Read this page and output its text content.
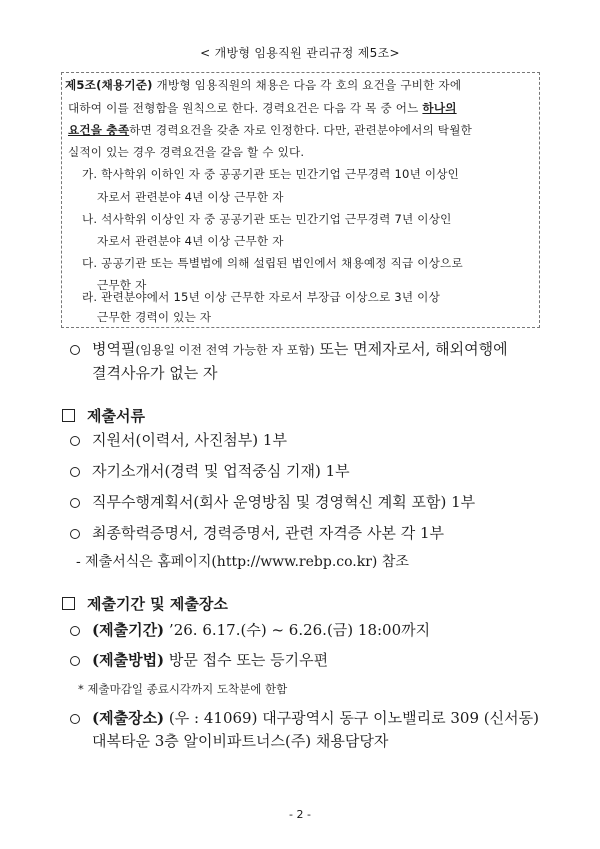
< 개방형 임용직원 관리규정 제5조>
제5조(채용기준) 개방형 임용직원의 채용은 다음 각 호의 요건을 구비한 자에
대하여 이를 전형함을 원칙으로 한다. 경력요건은 다음 각 목 중 어느 하나의
요건을 충족하면 경력요건을 갖춘 자로 인정한다. 다만, 관련분야에서의 탁월한
실적이 있는 경우 경력요건을 갈음 할 수 있다.
가. 학사학위 이하인 자 중 공공기관 또는 민간기업 근무경력 10년 이상인
자로서 관련분야 4년 이상 근무한 자
나. 석사학위 이상인 자 중 공공기관 또는 민간기업 근무경력 7년 이상인
자로서 관련분야 4년 이상 근무한 자
다. 공공기관 또는 특별법에 의해 설립된 법인에서 채용예정 직급 이상으로
근무한 자
라. 관련분야에서 15년 이상 근무한 자로서 부장급 이상으로 3년 이상
근무한 경력이 있는 자
병역필(임용일 이전 전역 가능한 자 포함) 또는 면제자로서, 해외여행에
결격사유가 없는 자
제출서류
지원서(이력서, 사진첨부) 1부
자기소개서(경력 및 업적중심 기재) 1부
직무수행계획서(회사 운영방침 및 경영혁신 계획 포함) 1부
최종학력증명서, 경력증명서, 관련 자격증 사본 각 1부
- 제출서식은 홈페이지(http://www.rebp.co.kr) 참조
제출기간 및 제출장소
(제출기간) ’26. 6.17.(수) ~ 6.26.(금) 18:00까지
(제출방법) 방문 접수 또는 등기우편
* 제출마감일 종료시각까지 도착분에 한함
(제출장소) (우 : 41069) 대구광역시 동구 이노밸리로 309 (신서동)
대복타운 3층 알이비파트너스(주) 채용담당자
- 2 -
